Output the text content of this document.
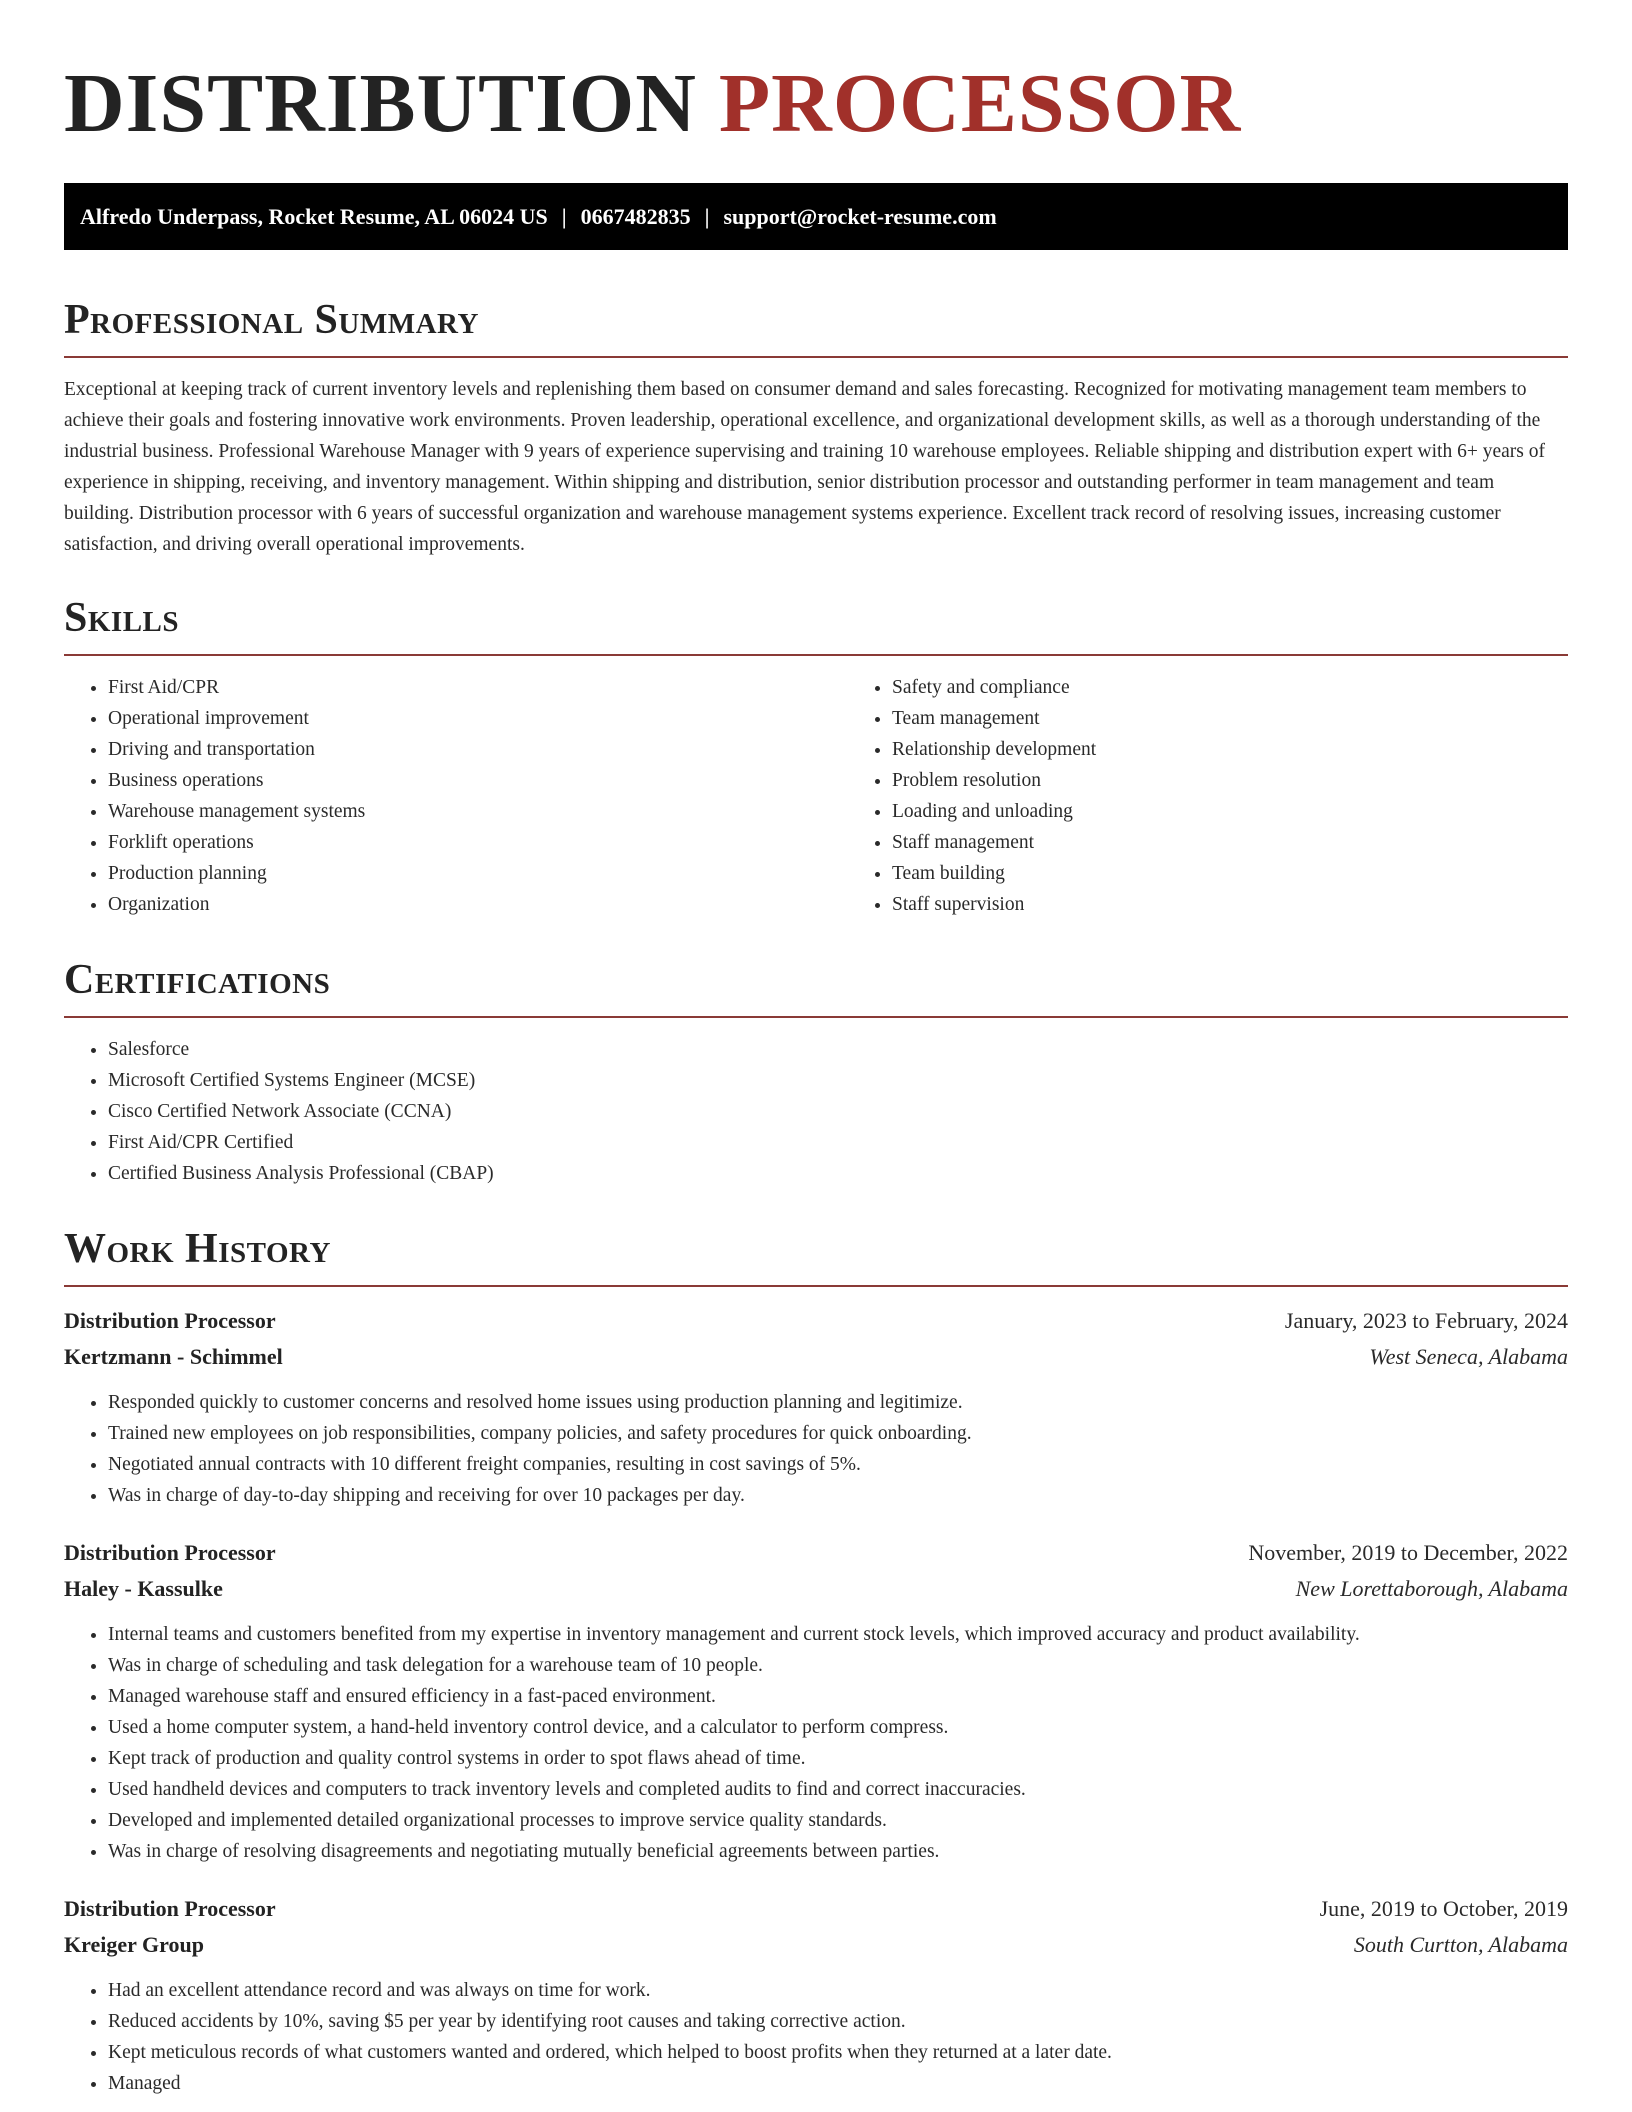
DISTRIBUTION PROCESSOR
Alfredo Underpass, Rocket Resume, AL 06024 US | 0667482835 | support@rocket-resume.com
Professional Summary

Exceptional at keeping track of current inventory levels and replenishing them based on consumer demand and sales forecasting. Recognized for motivating management team members to achieve their goals and fostering innovative work environments. Proven leadership, operational excellence, and organizational development skills, as well as a thorough understanding of the industrial business. Professional Warehouse Manager with 9 years of experience supervising and training 10 warehouse employees. Reliable shipping and distribution expert with 6+ years of experience in shipping, receiving, and inventory management. Within shipping and distribution, senior distribution processor and outstanding performer in team management and team building. Distribution processor with 6 years of successful organization and warehouse management systems experience. Excellent track record of resolving issues, increasing customer satisfaction, and driving overall operational improvements.

Skills
• First Aid/CPR
• Operational improvement
• Driving and transportation
• Business operations
• Warehouse management systems
• Forklift operations
• Production planning
• Organization
• Safety and compliance
• Team management
• Relationship development
• Problem resolution
• Loading and unloading
• Staff management
• Team building
• Staff supervision
Certifications
• Salesforce
• Microsoft Certified Systems Engineer (MCSE)
• Cisco Certified Network Associate (CCNA)
• First Aid/CPR Certified
• Certified Business Analysis Professional (CBAP)
Work History
Distribution Processor	January, 2023 to February, 2024
Kertzmann - Schimmel	West Seneca, Alabama
• Responded quickly to customer concerns and resolved home issues using production planning and legitimize.
• Trained new employees on job responsibilities, company policies, and safety procedures for quick onboarding.
• Negotiated annual contracts with 10 different freight companies, resulting in cost savings of 5%.
• Was in charge of day-to-day shipping and receiving for over 10 packages per day.
Distribution Processor	November, 2019 to December, 2022
Haley - Kassulke	New Lorettaborough, Alabama
• Internal teams and customers benefited from my expertise in inventory management and current stock levels, which improved accuracy and product availability.
• Was in charge of scheduling and task delegation for a warehouse team of 10 people.
• Managed warehouse staff and ensured efficiency in a fast-paced environment.
• Used a home computer system, a hand-held inventory control device, and a calculator to perform compress.
• Kept track of production and quality control systems in order to spot flaws ahead of time.
• Used handheld devices and computers to track inventory levels and completed audits to find and correct inaccuracies.
• Developed and implemented detailed organizational processes to improve service quality standards.
• Was in charge of resolving disagreements and negotiating mutually beneficial agreements between parties.
Distribution Processor	June, 2019 to October, 2019
Kreiger Group	South Curtton, Alabama
• Had an excellent attendance record and was always on time for work.
• Reduced accidents by 10%, saving $5 per year by identifying root causes and taking corrective action.
• Kept meticulous records of what customers wanted and ordered, which helped to boost profits when they returned at a later date.
• Managed
